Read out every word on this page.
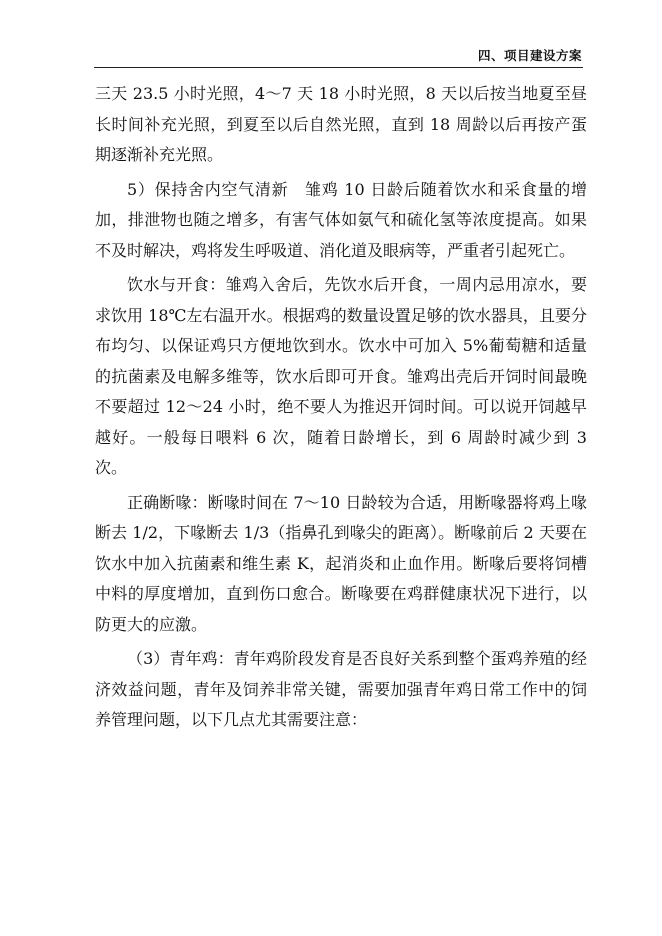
四、项目建设方案

三天 23.5 小时光照，4～7 天 18 小时光照，8 天以后按当地夏至昼长时间补充光照，到夏至以后自然光照，直到 18 周龄以后再按产蛋期逐渐补充光照。

5）保持舍内空气清新　雏鸡 10 日龄后随着饮水和采食量的增加，排泄物也随之增多，有害气体如氨气和硫化氢等浓度提高。如果不及时解决，鸡将发生呼吸道、消化道及眼病等，严重者引起死亡。

饮水与开食：雏鸡入舍后，先饮水后开食，一周内忌用凉水，要求饮用 18℃左右温开水。根据鸡的数量设置足够的饮水器具，且要分布均匀、以保证鸡只方便地饮到水。饮水中可加入 5%葡萄糖和适量的抗菌素及电解多维等，饮水后即可开食。雏鸡出壳后开饲时间最晚不要超过 12～24 小时，绝不要人为推迟开饲时间。可以说开饲越早越好。一般每日喂料 6 次，随着日龄增长，到 6 周龄时减少到 3 次。

正确断喙：断喙时间在 7～10 日龄较为合适，用断喙器将鸡上喙断去 1/2，下喙断去 1/3（指鼻孔到喙尖的距离）。断喙前后 2 天要在饮水中加入抗菌素和维生素 K，起消炎和止血作用。断喙后要将饲槽中料的厚度增加，直到伤口愈合。断喙要在鸡群健康状况下进行，以防更大的应激。

（3）青年鸡：青年鸡阶段发育是否良好关系到整个蛋鸡养殖的经济效益问题，青年及饲养非常关键，需要加强青年鸡日常工作中的饲养管理问题，以下几点尤其需要注意：
